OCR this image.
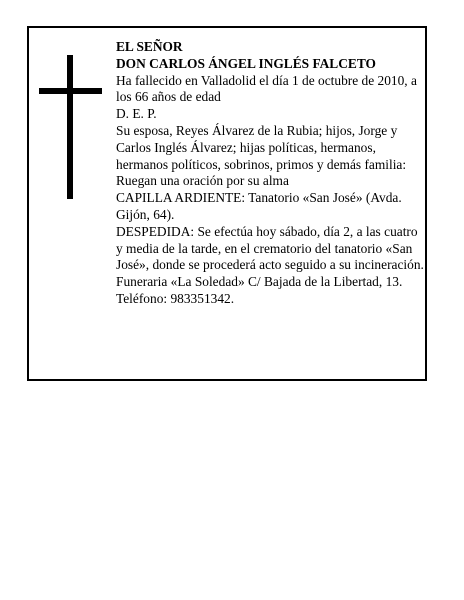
EL SEÑOR

DON CARLOS ÁNGEL INGLÉS FALCETO

Ha fallecido en Valladolid el día 1 de octubre de 2010, a los 66 años de edad

D. E. P.

Su esposa, Reyes Álvarez de la Rubia; hijos, Jorge y Carlos Inglés Álvarez; hijas políticas, hermanos, hermanos políticos, sobrinos, primos y demás familia:

Ruegan una oración por su alma

CAPILLA ARDIENTE: Tanatorio «San José» (Avda. Gijón, 64).

DESPEDIDA: Se efectúa hoy sábado, día 2, a las cuatro y media de la tarde, en el crematorio del tanatorio «San José», donde se procederá acto seguido a su incineración.

Funeraria «La Soledad» C/ Bajada de la Libertad, 13. Teléfono: 983351342.
